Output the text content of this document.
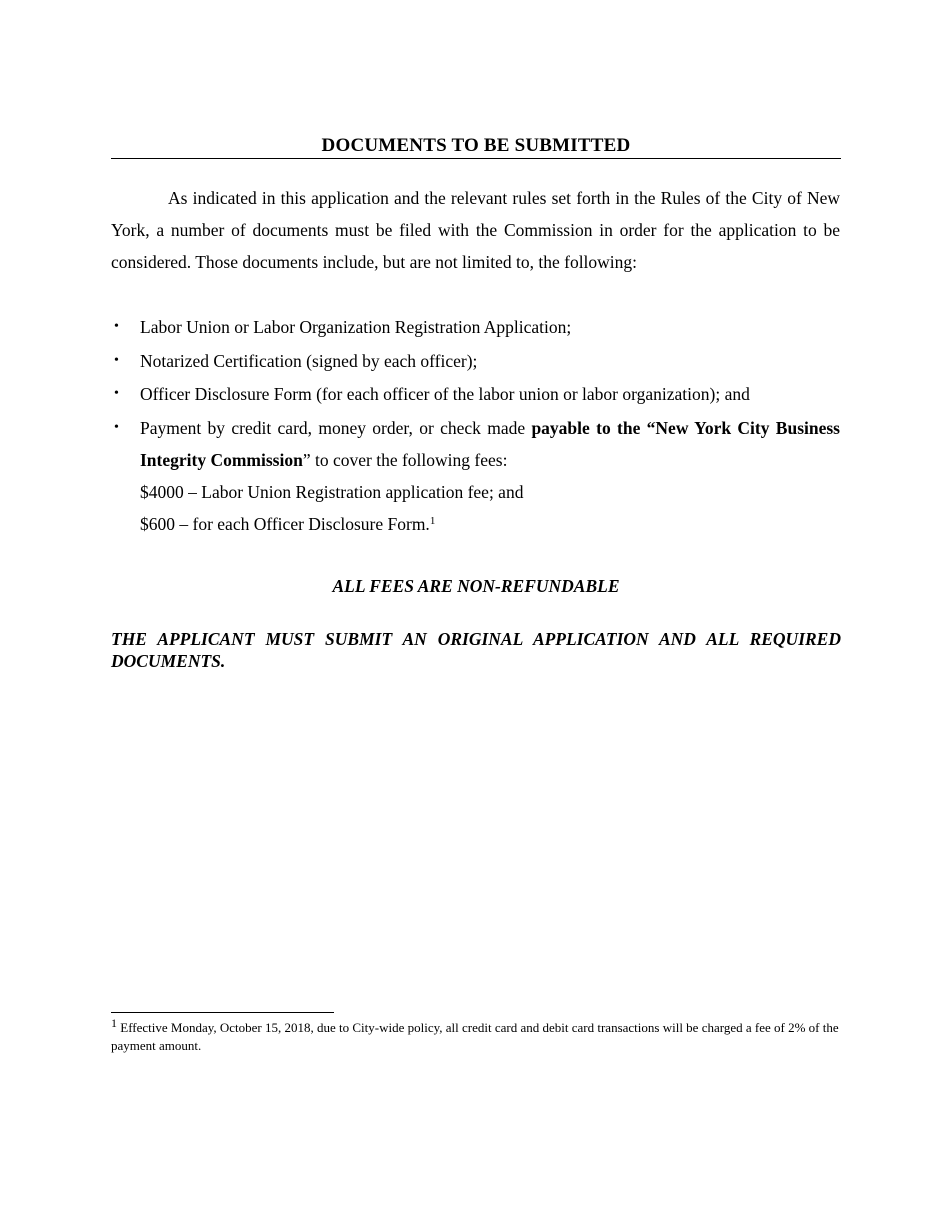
DOCUMENTS TO BE SUBMITTED

As indicated in this application and the relevant rules set forth in the Rules of the City of New York, a number of documents must be filed with the Commission in order for the application to be considered. Those documents include, but are not limited to, the following:

• Labor Union or Labor Organization Registration Application;
• Notarized Certification (signed by each officer);
• Officer Disclosure Form (for each officer of the labor union or labor organization); and
• Payment by credit card, money order, or check made payable to the “New York City Business Integrity Commission” to cover the following fees:
$4000 – Labor Union Registration application fee; and
$600 – for each Officer Disclosure Form.$^1$
ALL FEES ARE NON-REFUNDABLE

THE APPLICANT MUST SUBMIT AN ORIGINAL APPLICATION AND ALL REQUIRED DOCUMENTS.

$^1$ Effective Monday, October 15, 2018, due to City-wide policy, all credit card and debit card transactions will be charged a fee of 2% of the payment amount.
